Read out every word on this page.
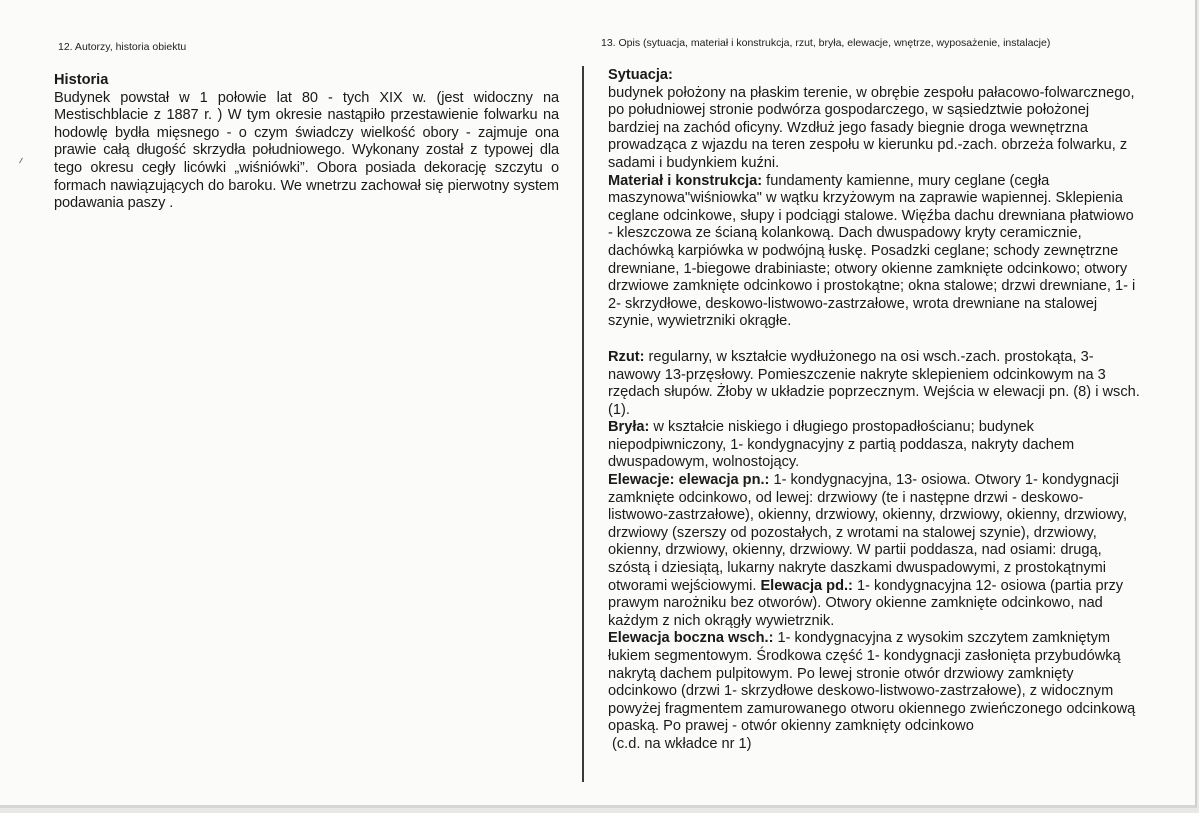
12. Autorzy, historia obiektu	13. Opis (sytuacja, materiał i konstrukcja, rzut, bryła, elewacje, wnętrze, wyposażenie, instalacje)
Historia

Budynek powstał w 1 połowie lat 80 - tych XIX w. (jest widoczny na Mestischblacie z 1887 r. ) W tym okresie nastąpiło przestawienie folwarku na hodowlę bydła mięsnego - o czym świadczy wielkość obory - zajmuje ona prawie całą długość skrzydła południowego. Wykonany został z typowej dla tego okresu cegły licówki „wiśniówki”. Obora posiada dekorację szczytu o formach nawiązujących do baroku. We wnetrzu zachował się pierwotny system podawania paszy .

Sytuacja:
budynek położony na płaskim terenie, w obrębie zespołu pałacowo-folwarcznego, po południowej stronie podwórza gospodarczego, w sąsiedztwie położonej bardziej na zachód oficyny. Wzdłuż jego fasady biegnie droga wewnętrzna prowadząca z wjazdu na teren zespołu w kierunku pd.-zach. obrzeża folwarku, z sadami i budynkiem kuźni.

Materiał i konstrukcja: fundamenty kamienne, mury ceglane (cegła maszynowa"wiśniowka" w wątku krzyżowym na zaprawie wapiennej. Sklepienia ceglane odcinkowe, słupy i podciągi stalowe. Więźba dachu drewniana płatwiowo - kleszczowa ze ścianą kolankową. Dach dwuspadowy kryty ceramicznie, dachówką karpiówka w podwójną łuskę. Posadzki ceglane; schody zewnętrzne drewniane, 1-biegowe drabiniaste; otwory okienne zamknięte odcinkowo; otwory drzwiowe zamknięte odcinkowo i prostokątne; okna stalowe; drzwi drewniane, 1- i 2- skrzydłowe, deskowo-listwowo-zastrzałowe, wrota drewniane na stalowej szynie, wywietrzniki okrągłe.

Rzut: regularny, w kształcie wydłużonego na osi wsch.-zach. prostokąta, 3-nawowy 13-przęsłowy. Pomieszczenie nakryte sklepieniem odcinkowym na 3 rzędach słupów. Żłoby w układzie poprzecznym. Wejścia w elewacji pn. (8) i wsch. (1).

Bryła: w kształcie niskiego i długiego prostopadłościanu; budynek niepodpiwniczony, 1- kondygnacyjny z partią poddasza, nakryty dachem dwuspadowym, wolnostojący.

Elewacje: elewacja pn.: 1- kondygnacyjna, 13- osiowa. Otwory 1- kondygnacji zamknięte odcinkowo, od lewej: drzwiowy (te i następne drzwi - deskowo-listwowo-zastrzałowe), okienny, drzwiowy, okienny, drzwiowy, okienny, drzwiowy, drzwiowy (szerszy od pozostałych, z wrotami na stalowej szynie), drzwiowy, okienny, drzwiowy, okienny, drzwiowy. W partii poddasza, nad osiami: drugą, szóstą i dziesiątą, lukarny nakryte daszkami dwuspadowymi, z prostokątnymi otworami wejściowymi. Elewacja pd.: 1- kondygnacyjna 12- osiowa (partia przy prawym narożniku bez otworów). Otwory okienne zamknięte odcinkowo, nad każdym z nich okrągły wywietrznik.

Elewacja boczna wsch.: 1- kondygnacyjna z wysokim szczytem zamkniętym łukiem segmentowym. Środkowa część 1- kondygnacji zasłonięta przybudówką nakrytą dachem pulpitowym. Po lewej stronie otwór drzwiowy zamknięty odcinkowo (drzwi 1- skrzydłowe deskowo-listwowo-zastrzałowe), z widocznym powyżej fragmentem zamurowanego otworu okiennego zwieńczonego odcinkową opaską. Po prawej - otwór okienny zamknięty odcinkowo

(c.d. na wkładce nr 1)
